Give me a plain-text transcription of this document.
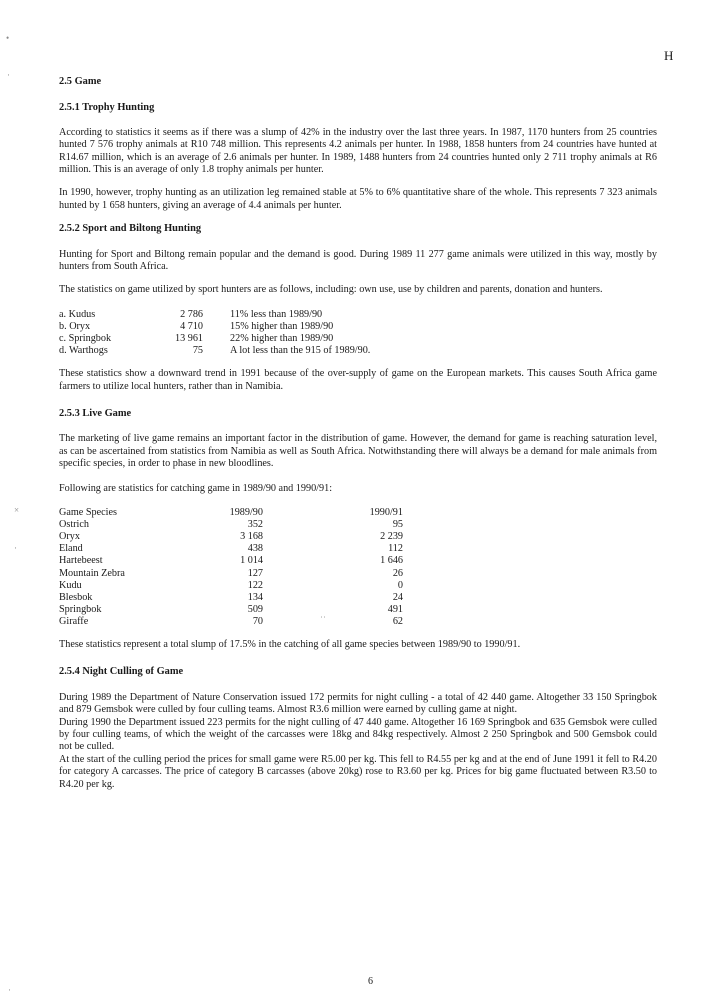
•
·
×
·
˙˙
·
H

2.5 Game

2.5.1 Trophy Hunting

According to statistics it seems as if there was a slump of 42% in the industry over the last three years. In 1987, 1170 hunters from 25 countries hunted 7 576 trophy animals at R10 748 million. This represents 4.2 animals per hunter. In 1988, 1858 hunters from 24 countries have hunted at R14.67 million, which is an average of 2.6 animals per hunter. In 1989, 1488 hunters from 24 countries hunted only 2 711 trophy animals at R6 million. This is an average of only 1.8 trophy animals per hunter.

In 1990, however, trophy hunting as an utilization leg remained stable at 5% to 6% quantitative share of the whole. This represents 7 323 animals hunted by 1 658 hunters, giving an average of 4.4 animals per hunter.

2.5.2 Sport and Biltong Hunting

Hunting for Sport and Biltong remain popular and the demand is good. During 1989 11 277 game animals were utilized in this way, mostly by hunters from South Africa.

The statistics on game utilized by sport hunters are as follows, including: own use, use by children and parents, donation and hunters.

a. Kudus	2 786	11% less than 1989/90
b. Oryx	4 710	15% higher than 1989/90
c. Springbok	13 961	22% higher than 1989/90
d. Warthogs	75	A lot less than the 915 of 1989/90.

These statistics show a downward trend in 1991 because of the over-supply of game on the European markets. This causes South Africa game farmers to utilize local hunters, rather than in Namibia.

2.5.3 Live Game

The marketing of live game remains an important factor in the distribution of game. However, the demand for game is reaching saturation level, as can be ascertained from statistics from Namibia as well as South Africa. Notwithstanding there will always be a demand for male animals from specific species, in order to phase in new bloodlines.

Following are statistics for catching game in 1989/90 and 1990/91:

Game Species	1989/90	1990/91
Ostrich	352	95
Oryx	3 168	2 239
Eland	438	112
Hartebeest	1 014	1 646
Mountain Zebra	127	26
Kudu	122	0
Blesbok	134	24
Springbok	509	491
Giraffe	70	62

These statistics represent a total slump of 17.5% in the catching of all game species between 1989/90 to 1990/91.

2.5.4 Night Culling of Game

During 1989 the Department of Nature Conservation issued 172 permits for night culling - a total of 42 440 game. Altogether 33 150 Springbok and 879 Gemsbok were culled by four culling teams. Almost R3.6 million were earned by culling game at night.

During 1990 the Department issued 223 permits for the night culling of 47 440 game. Altogether 16 169 Springbok and 635 Gemsbok were culled by four culling teams, of which the weight of the carcasses were 18kg and 84kg respectively. Almost 2 250 Springbok and 500 Gemsbok could not be culled.

At the start of the culling period the prices for small game were R5.00 per kg. This fell to R4.55 per kg and at the end of June 1991 it fell to R4.20 for category A carcasses. The price of category B carcasses (above 20kg) rose to R3.60 per kg. Prices for big game fluctuated between R3.50 to R4.20 per kg.

6
